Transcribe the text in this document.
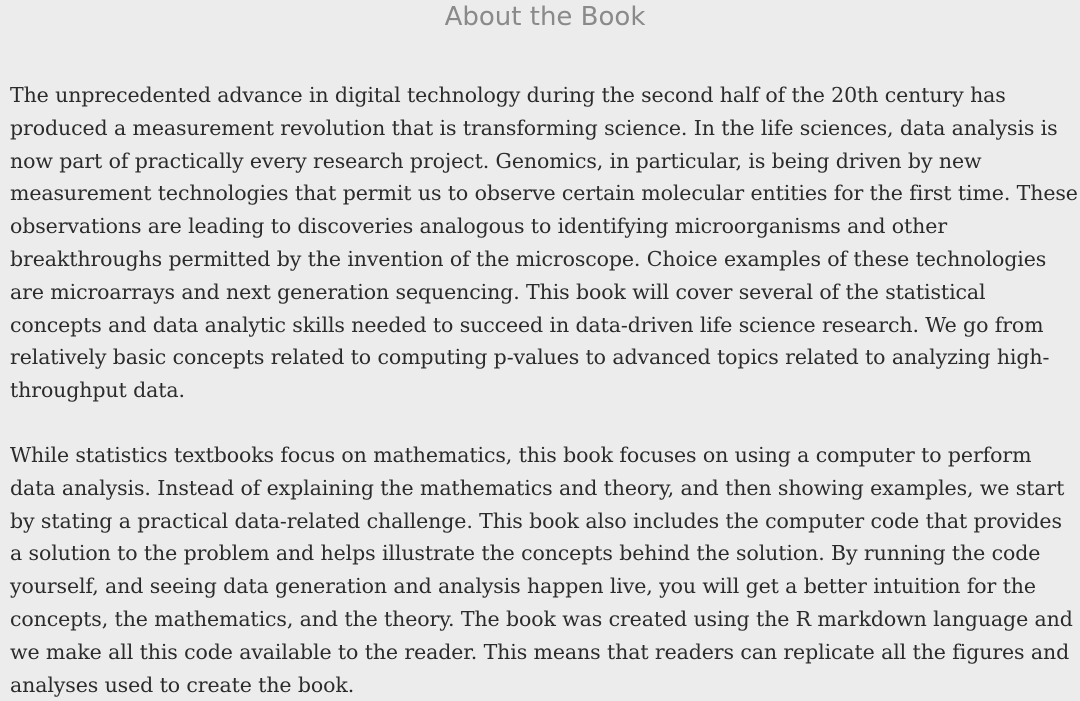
About the Book

The unprecedented advance in digital technology during the second half of the 20th century has produced a measurement revolution that is transforming science. In the life sciences, data analysis is now part of practically every research project. Genomics, in particular, is being driven by new measurement technologies that permit us to observe certain molecular entities for the first time. These observations are leading to discoveries analogous to identifying microorganisms and other breakthroughs permitted by the invention of the microscope. Choice examples of these technologies are microarrays and next generation sequencing. This book will cover several of the statistical concepts and data analytic skills needed to succeed in data-driven life science research. We go from relatively basic concepts related to computing p-values to advanced topics related to analyzing high-throughput data.

While statistics textbooks focus on mathematics, this book focuses on using a computer to perform data analysis. Instead of explaining the mathematics and theory, and then showing examples, we start by stating a practical data-related challenge. This book also includes the computer code that provides a solution to the problem and helps illustrate the concepts behind the solution. By running the code yourself, and seeing data generation and analysis happen live, you will get a better intuition for the concepts, the mathematics, and the theory. The book was created using the R markdown language and we make all this code available to the reader. This means that readers can replicate all the figures and analyses used to create the book.
